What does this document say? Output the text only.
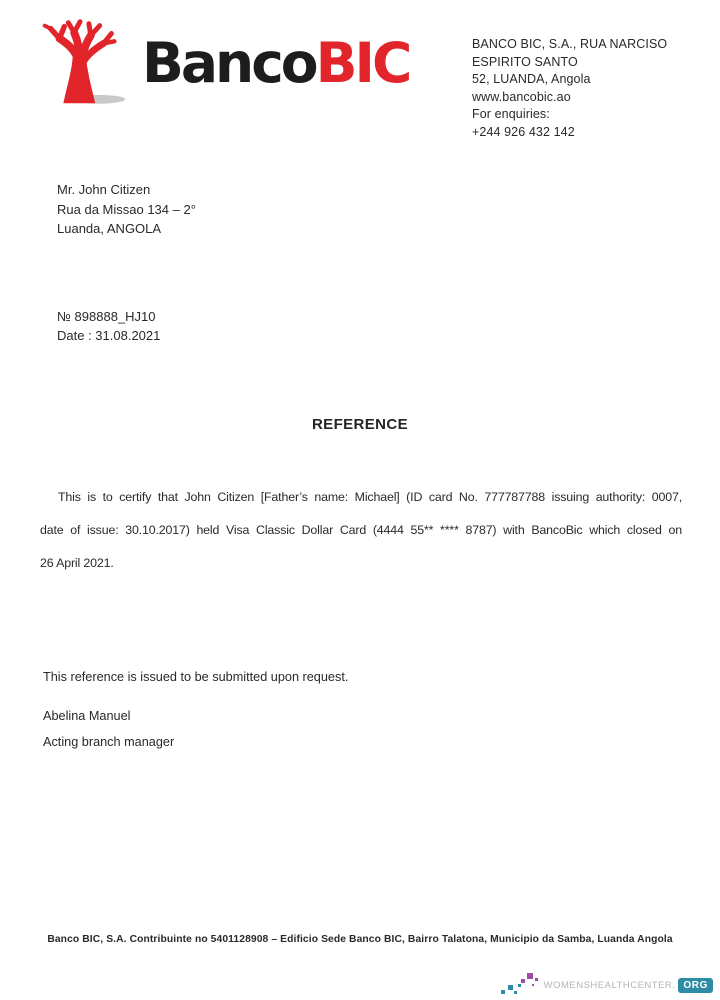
BancoBIC	BANCO BIC, S.A., RUA NARCISO
ESPIRITO SANTO
52, LUANDA, Angola
www.bancobic.ao
For enquiries:
+244 926 432 142
Mr. John Citizen
Rua da Missao 134 – 2°
Luanda, ANGOLA
№ 898888_HJ10
Date : 31.08.2021
REFERENCE
This is to certify that John Citizen [Father’s name: Michael] (ID card No. 777787788 issuing authority: 0007,
date of issue: 30.10.2017) held Visa Classic Dollar Card (4444 55** **** 8787) with BancoBic which closed on
26 April 2021.
This reference is issued to be submitted upon request.
Abelina Manuel
Acting branch manager
Banco BIC, S.A. Contribuinte no 5401128908 – Edificio Sede Banco BIC, Bairro Talatona, Municipio da Samba, Luanda Angola
WOMENSHEALTHCENTER. ORG
